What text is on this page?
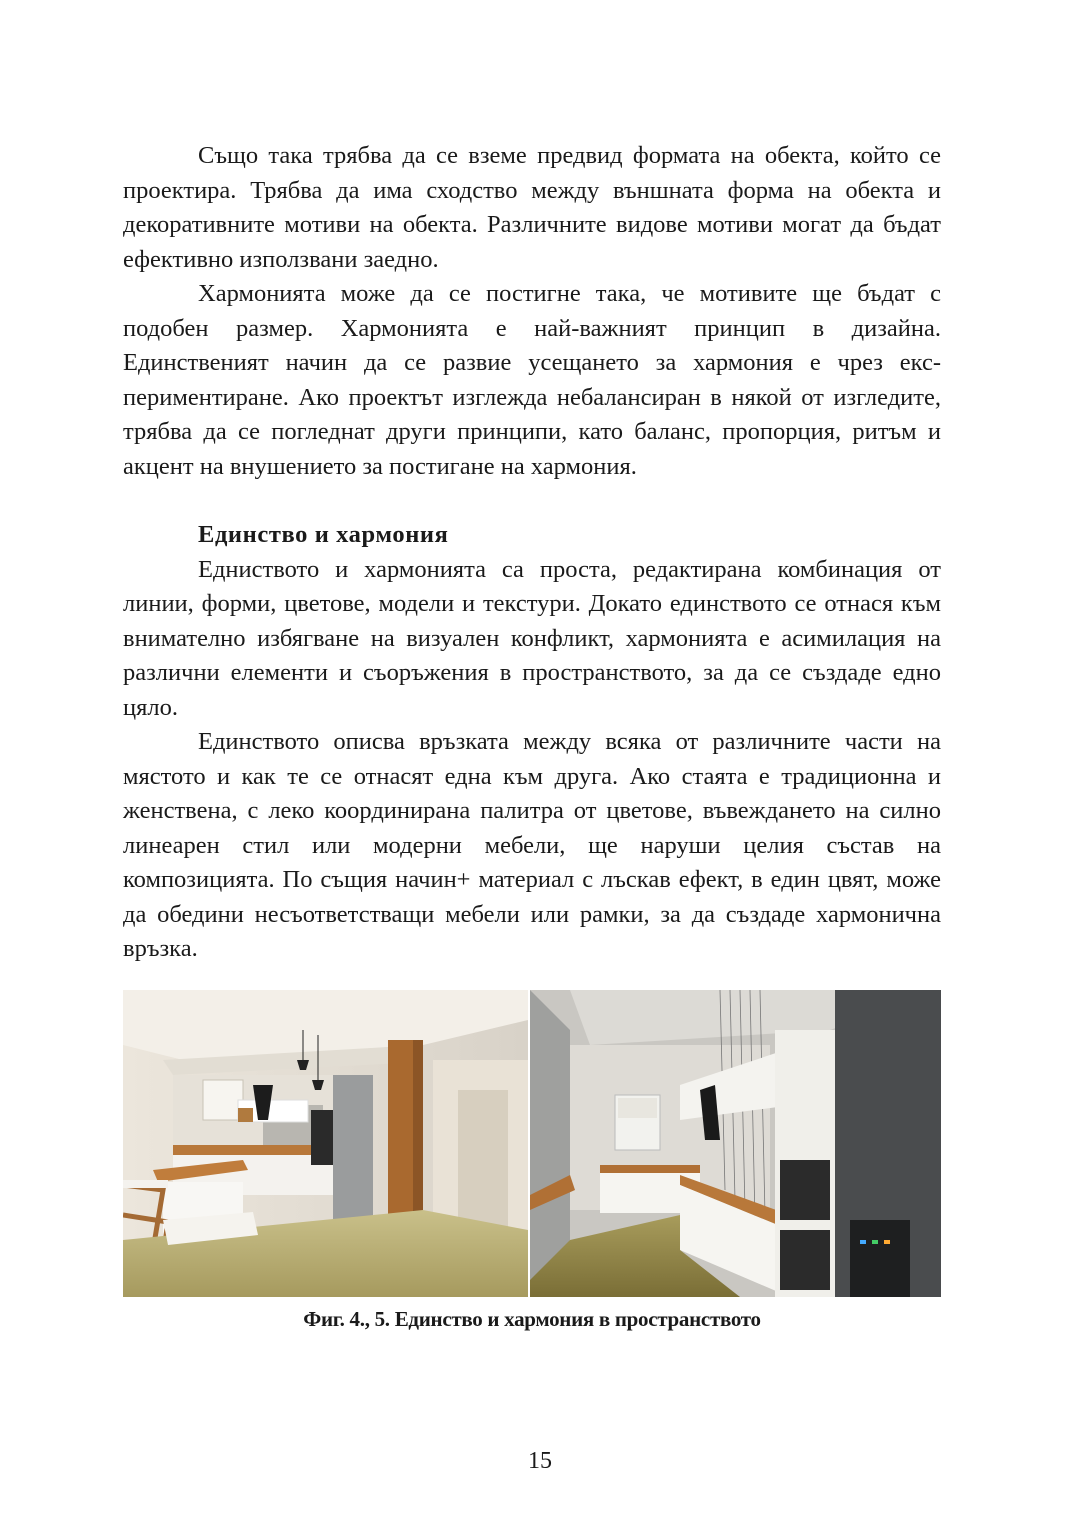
Също така трябва да се вземе предвид формата на обекта, който се проектира. Трябва да има сходство между външната форма на обекта и декоративните мотиви на обекта. Различните видове мотиви могат да бъдат ефективно използвани заедно.

Хармонията може да се постигне така, че мотивите ще бъдат с подобен размер. Хармонията е най-важният принцип в дизайна. Единственият начин да се развие усещането за хармония е чрез експериментиране. Ако проектът изглежда небалансиран в някой от изгледите, трябва да се погледнат други принципи, като баланс, пропорция, ритъм и акцент на внушението за постигане на хармония.

Единство и хармония

Едниството и хармонията са проста, редактирана комбинация от линии, форми, цветове, модели и текстури. Докато единството се отнася към внимателно избягване на визуален конфликт, хармонията е асимилация на различни елементи и съоръжения в пространството, за да се създаде едно цяло.

Единството описва връзката между всяка от различните части на мястото и как те се отнасят една към друга. Ако стаята е традиционна и женствена, с леко координирана палитра от цветове, въвеждането на силно линеарен стил или модерни мебели, ще наруши целия състав на композицията. По същия начин+ материал с лъскав ефект, в един цвят, може да обедини несъответстващи мебели или рамки, за да създаде хармонична връзка.

Фиг. 4., 5. Единство и хармония в пространството
15
